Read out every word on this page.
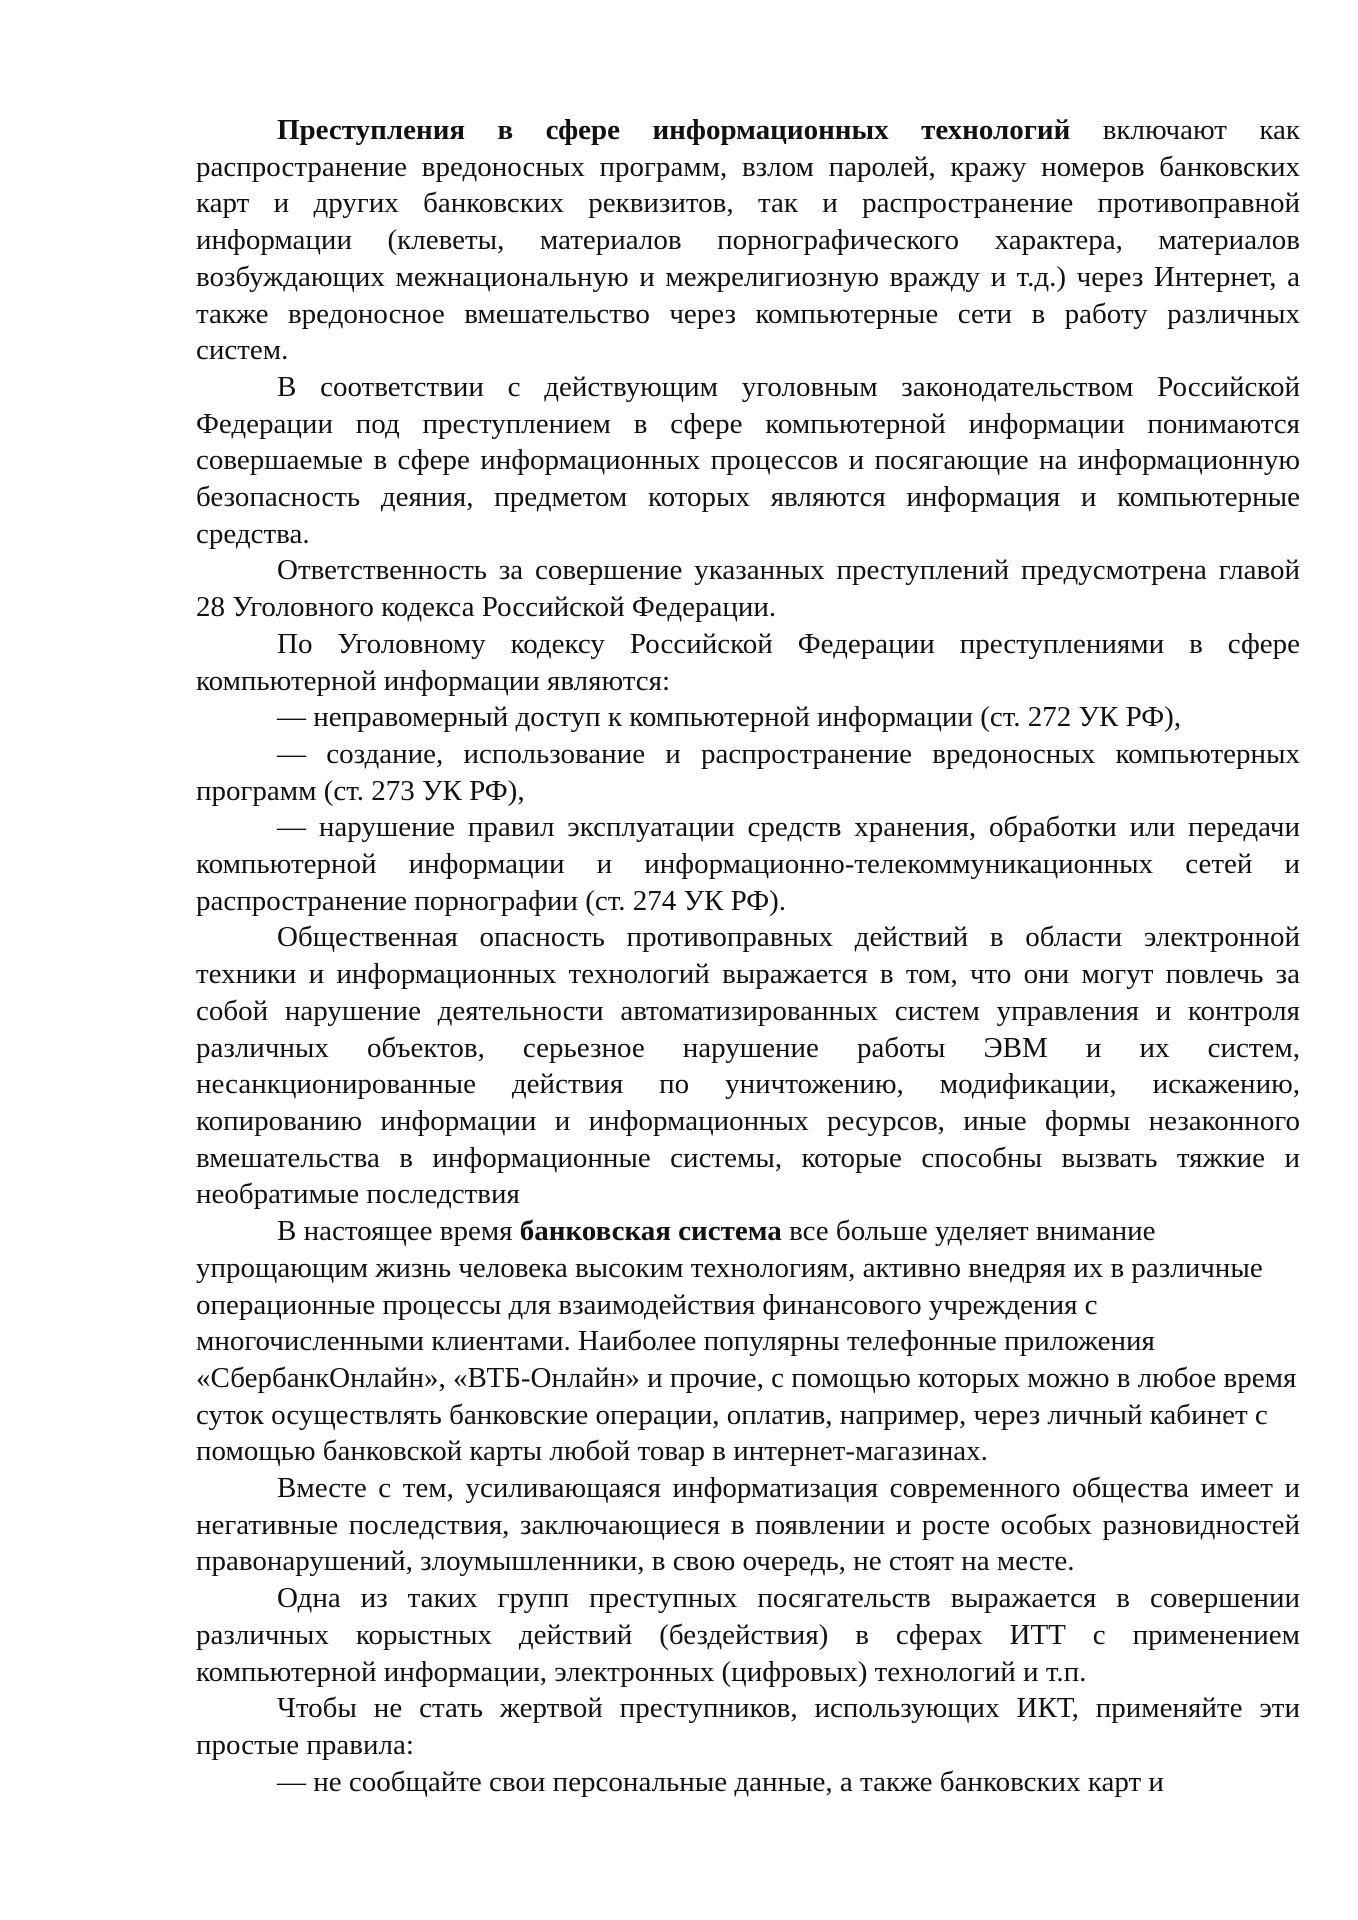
Преступления в сфере информационных технологий включают как распространение вредоносных программ, взлом паролей, кражу номеров банковских карт и других банковских реквизитов, так и распространение противоправной информации (клеветы, материалов порнографического характера, материалов возбуждающих межнациональную и межрелигиозную вражду и т.д.) через Интернет, а также вредоносное вмешательство через компьютерные сети в работу различных систем.

В соответствии с действующим уголовным законодательством Российской Федерации под преступлением в сфере компьютерной информации понимаются совершаемые в сфере информационных процессов и посягающие на информационную безопасность деяния, предметом которых являются информация и компьютерные средства.

Ответственность за совершение указанных преступлений предусмотрена главой 28 Уголовного кодекса Российской Федерации.

По Уголовному кодексу Российской Федерации преступлениями в сфере компьютерной информации являются:

— неправомерный доступ к компьютерной информации (ст. 272 УК РФ),

— создание, использование и распространение вредоносных компьютерных программ (ст. 273 УК РФ),

— нарушение правил эксплуатации средств хранения, обработки или передачи компьютерной информации и информационно-телекоммуникационных сетей и распространение порнографии (ст. 274 УК РФ).

Общественная опасность противоправных действий в области электронной техники и информационных технологий выражается в том, что они могут повлечь за собой нарушение деятельности автоматизированных систем управления и контроля различных объектов, серьезное нарушение работы ЭВМ и их систем, несанкционированные действия по уничтожению, модификации, искажению, копированию информации и информационных ресурсов, иные формы незаконного вмешательства в информационные системы, которые способны вызвать тяжкие и необратимые последствия

В настоящее время банковская система все больше уделяет внимание упрощающим жизнь человека высоким технологиям, активно внедряя их в различные операционные процессы для взаимодействия финансового учреждения с многочисленными клиентами. Наиболее популярны телефонные приложения «СбербанкОнлайн», «ВТБ-Онлайн» и прочие, с помощью которых можно в любое время суток осуществлять банковские операции, оплатив, например, через личный кабинет с помощью банковской карты любой товар в интернет-магазинах.

Вместе с тем, усиливающаяся информатизация современного общества имеет и негативные последствия, заключающиеся в появлении и росте особых разновидностей правонарушений, злоумышленники, в свою очередь, не стоят на месте.

Одна из таких групп преступных посягательств выражается в совершении различных корыстных действий (бездействия) в сферах ИТТ с применением компьютерной информации, электронных (цифровых) технологий и т.п.

Чтобы не стать жертвой преступников, использующих ИКТ, применяйте эти простые правила:

— не сообщайте свои персональные данные, а также банковских карт и
